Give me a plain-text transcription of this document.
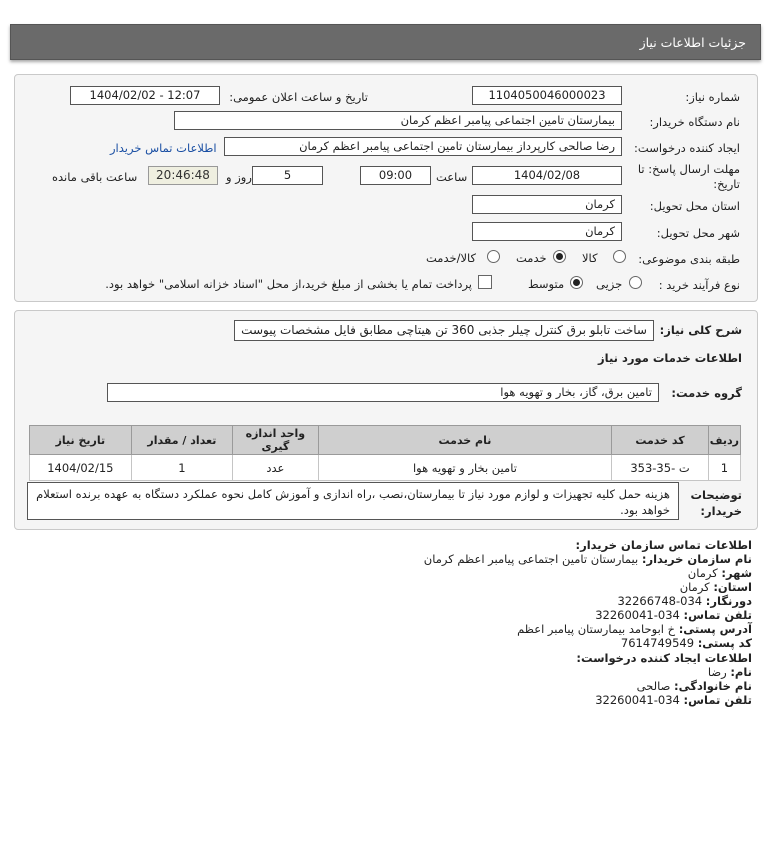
جزئیات اطلاعات نیاز
شماره نیاز:
1104050046000023
تاریخ و ساعت اعلان عمومی:
1404/02/02 - 12:07
نام دستگاه خریدار:
بیمارستان تامین اجتماعی پیامبر اعظم کرمان
ایجاد کننده درخواست:
رضا صالحی کارپرداز بیمارستان تامین اجتماعی پیامبر اعظم کرمان
اطلاعات تماس خریدار
مهلت ارسال پاسخ: تا
تاریخ:
1404/02/08
ساعت
09:00
5
روز و
20:46:48
ساعت باقی مانده
استان محل تحویل:
کرمان
شهر محل تحویل:
کرمان
طبقه بندی موضوعی:
کالا
خدمت
کالا/خدمت
نوع فرآیند خرید :
جزیی
متوسط
پرداخت تمام یا بخشی از مبلغ خرید،از محل "اسناد خزانه اسلامی" خواهد بود.
شرح کلی نیاز:
ساخت تابلو برق کنترل چیلر جذبی 360 تن هیتاچی مطابق فایل مشخصات پیوست
اطلاعات خدمات مورد نیاز
گروه خدمت:
تامین برق، گاز، بخار و تهویه هوا
ردیف	کد خدمت	نام خدمت	واحد اندازه گیری	تعداد / مقدار	تاریخ نیاز
1	ت -35-353	تامین بخار و تهویه هوا	عدد	1	1404/02/15
توضیحات
خریدار:
هزینه حمل کلیه تجهیزات و لوازم مورد نیاز تا بیمارستان،نصب ،راه اندازی و آموزش کامل نحوه عملکرد دستگاه به عهده برنده استعلام خواهد بود.
اطلاعات تماس سازمان خریدار:
نام سازمان خریدار: بیمارستان تامین اجتماعی پیامبر اعظم کرمان
شهر: کرمان
استان: کرمان
دورنگار: 034-32266748
تلفن تماس: 034-32260041
آدرس پستی: خ ابوحامد بیمارستان پیامبر اعظم
کد پستی: 7614749549
اطلاعات ایجاد کننده درخواست:
نام: رضا
نام خانوادگی: صالحی
تلفن تماس: 034-32260041
